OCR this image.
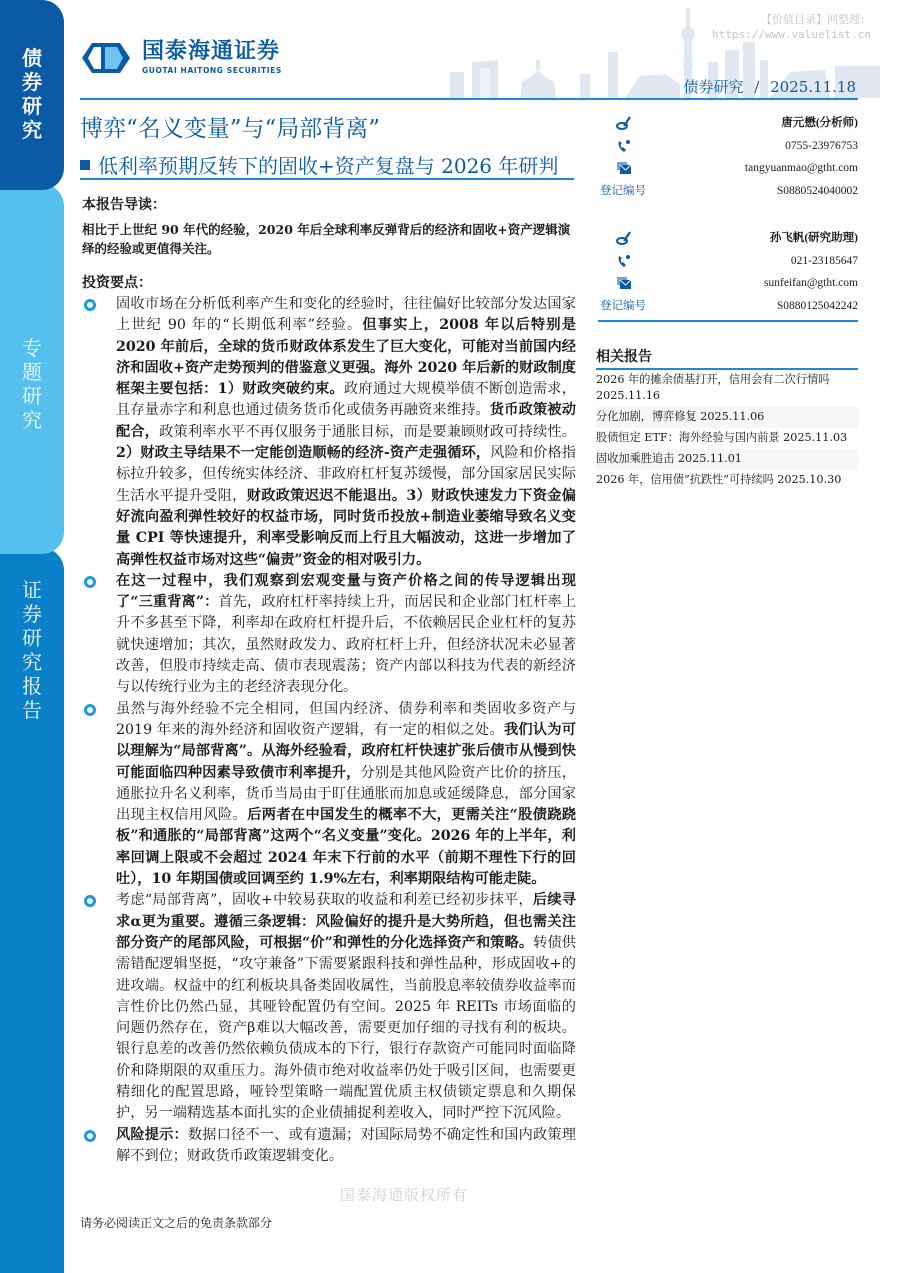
债券研究
专题研究
证券研究报告
【价值目录】网整理：
https://www.valuelist.cn
国泰海通证券
GUOTAI HAITONG SECURITIES
债券研究 / 2025.11.18
博弈“名义变量”与“局部背离”
低利率预期反转下的固收+资产复盘与 2026 年研判
本报告导读：
相比于上世纪 90 年代的经验，2020 年后全球利率反弹背后的经济和固收+资产逻辑演绎的经验或更值得关注。
投资要点：
固收市场在分析低利率产生和变化的经验时，往往偏好比较部分发达国家上世纪 90 年的“长期低利率”经验。但事实上，2008 年以后特别是 2020 年前后，全球的货币财政体系发生了巨大变化，可能对当前国内经济和固收+资产走势预判的借鉴意义更强。海外 2020 年后新的财政制度框架主要包括：1）财政突破约束。政府通过大规模举债不断创造需求，且存量赤字和利息也通过债务货币化或债务再融资来维持。货币政策被动配合，政策利率水平不再仅服务于通胀目标，而是要兼顾财政可持续性。2）财政主导结果不一定能创造顺畅的经济-资产走强循环，风险和价格指标拉升较多，但传统实体经济、非政府杠杆复苏缓慢，部分国家居民实际生活水平提升受阻，财政政策迟迟不能退出。3）财政快速发力下资金偏好流向盈利弹性较好的权益市场，同时货币投放+制造业萎缩导致名义变量 CPI 等快速提升，利率受影响反而上行且大幅波动，这进一步增加了高弹性权益市场对这些“偏责”资金的相对吸引力。
在这一过程中，我们观察到宏观变量与资产价格之间的传导逻辑出现了“三重背离”：首先，政府杠杆率持续上升，而居民和企业部门杠杆率上升不多甚至下降，利率却在政府杠杆提升后，不依赖居民企业杠杆的复苏就快速增加；其次，虽然财政发力、政府杠杆上升，但经济状况未必显著改善，但股市持续走高、债市表现震荡；资产内部以科技为代表的新经济与以传统行业为主的老经济表现分化。
虽然与海外经验不完全相同，但国内经济、债券利率和类固收多资产与 2019 年来的海外经济和固收资产逻辑，有一定的相似之处。我们认为可以理解为“局部背离”。从海外经验看，政府杠杆快速扩张后债市从慢到快可能面临四种因素导致债市利率提升，分别是其他风险资产比价的挤压，通胀拉升名义利率，货币当局由于盯住通胀而加息或延缓降息，部分国家出现主权信用风险。后两者在中国发生的概率不大，更需关注“股债跷跷板”和通胀的“局部背离”这两个“名义变量”变化。2026 年的上半年，利率回调上限或不会超过 2024 年末下行前的水平（前期不理性下行的回吐），10 年期国债或回调至约 1.9%左右，利率期限结构可能走陡。
考虑“局部背离”，固收+中较易获取的收益和利差已经初步抹平，后续寻求α更为重要。遵循三条逻辑：风险偏好的提升是大势所趋，但也需关注部分资产的尾部风险，可根据“价”和弹性的分化选择资产和策略。转债供需错配逻辑坚挺，“攻守兼备”下需要紧跟科技和弹性品种，形成固收+的进攻端。权益中的红利板块具备类固收属性，当前股息率较债券收益率而言性价比仍然凸显，其哑铃配置仍有空间。2025 年 REITs 市场面临的问题仍然存在，资产β难以大幅改善，需要更加仔细的寻找有利的板块。银行息差的改善仍然依赖负债成本的下行，银行存款资产可能同时面临降价和降期限的双重压力。海外债市绝对收益率仍处于吸引区间，也需要更精细化的配置思路，哑铃型策略一端配置优质主权债锁定票息和久期保护，另一端精选基本面扎实的企业债捕捉利差收入，同时严控下沉风险。
风险提示：数据口径不一、或有遗漏；对国际局势不确定性和国内政策理解不到位；财政货币政策逻辑变化。
国泰海通版权所有
请务必阅读正文之后的免责条款部分
唐元懋(分析师)
0755-23976753
tangyuanmao@gtht.com
登记编号	S0880524040002
孙飞帆(研究助理)
021-23185647
sunfeifan@gtht.com
登记编号	S0880125042242
相关报告
2026 年的摊余债基打开，信用会有二次行情吗 2025.11.16
分化加剧，博弈修复 2025.11.06
股债恒定 ETF：海外经验与国内前景 2025.11.03
固收加乘胜追击 2025.11.01
2026 年，信用债“抗跌性”可持续吗 2025.10.30
